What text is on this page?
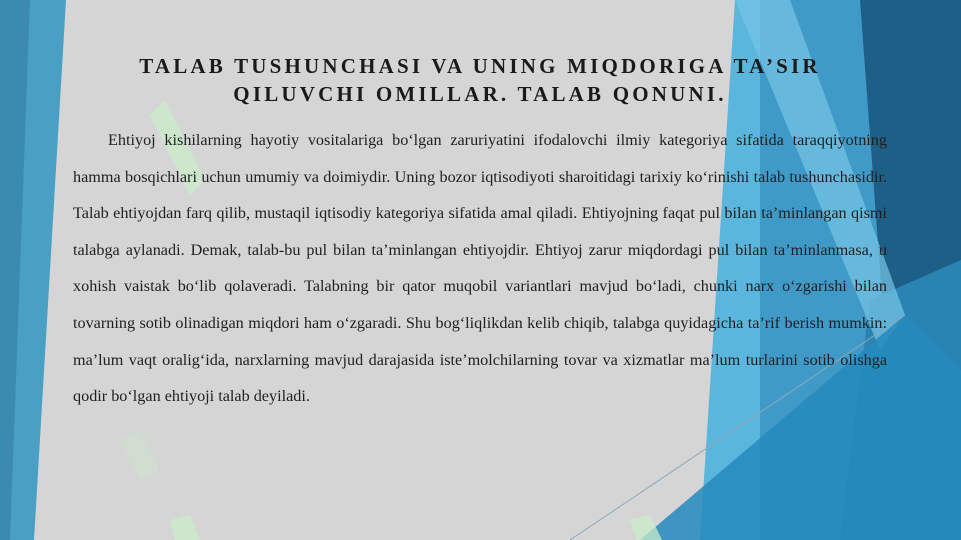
TALAB TUSHUNCHASI VA UNING MIQDORIGA TA’SIR
QILUVCHI OMILLAR. TALAB QONUNI.

Ehtiyoj kishilarning hayotiy vositalariga bo‘lgan zaruriyatini ifodalovchi ilmiy kategoriya sifatida taraqqiyotning hamma bosqichlari uchun umumiy va doimiydir. Uning bozor iqtisodiyoti sharoitidagi tarixiy ko‘rinishi talab tushunchasidir. Talab ehtiyojdan farq qilib, mustaqil iqtisodiy kategoriya sifatida amal qiladi. Ehtiyojning faqat pul bilan ta’minlangan qismi talabga aylanadi. Demak, talab-bu pul bilan ta’minlangan ehtiyojdir. Ehtiyoj zarur miqdordagi pul bilan ta’minlanmasa, u xohish vaistak bo‘lib qolaveradi. Talabning bir qator muqobil variantlari mavjud bo‘ladi, chunki narx o‘zgarishi bilan tovarning sotib olinadigan miqdori ham o‘zgaradi. Shu bog‘liqlikdan kelib chiqib, talabga quyidagicha ta’rif berish mumkin: ma’lum vaqt oralig‘ida, narxlarning mavjud darajasida iste’molchilarning tovar va xizmatlar ma’lum turlarini sotib olishga qodir bo‘lgan ehtiyoji talab deyiladi.
